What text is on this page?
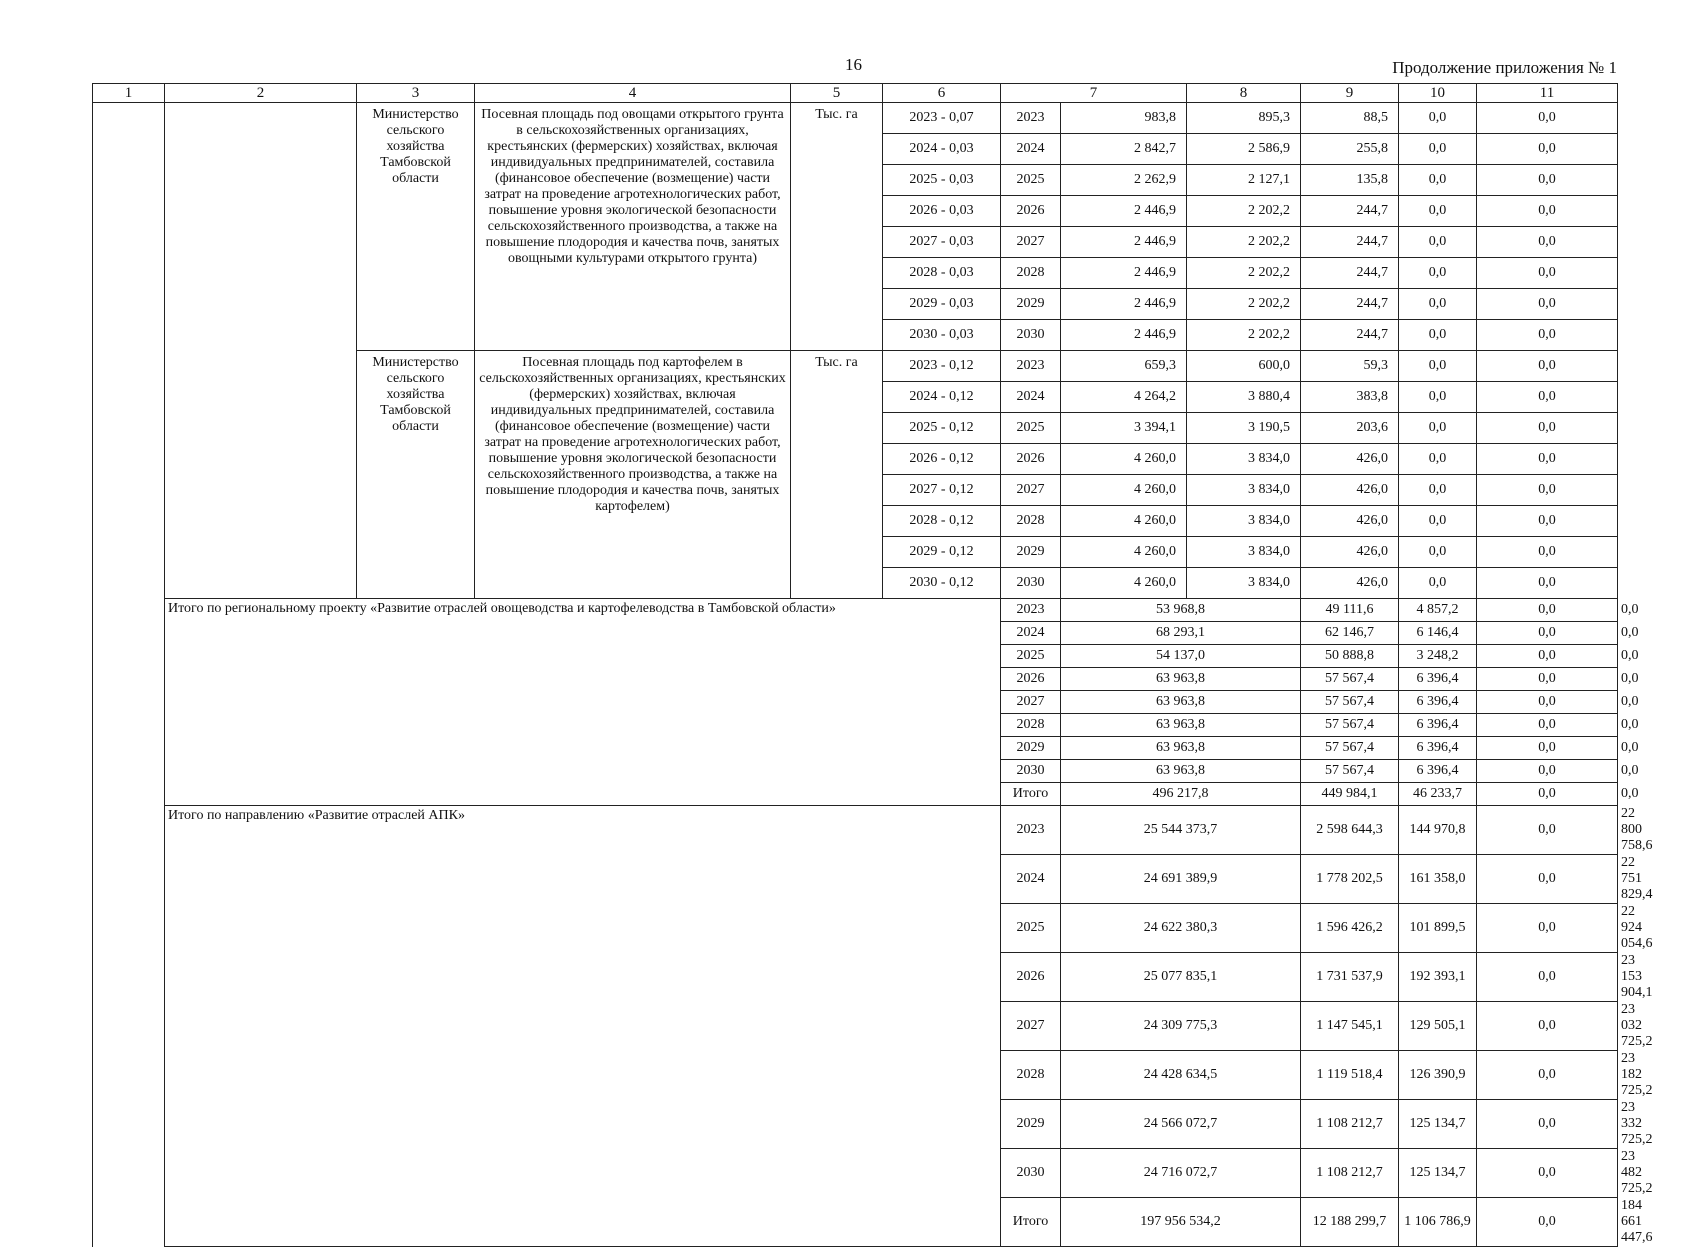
16	Продолжение приложения № 1
1	2	3	4	5	6	7		8	9	10	11	
		Министерство сельского хозяйства Тамбовской области	Посевная площадь под овощами открытого грунта в сельскохозяйственных организациях, крестьянских (фермерских) хозяйствах, включая индивидуальных предпринимателей, составила (финансовое обеспечение (возмещение) части затрат на проведение агротехнологических работ, повышение уровня экологической безопасности сельскохозяйственного производства, а также на повышение плодородия и качества почв, занятых овощными культурами открытого грунта)	Тыс. га	2023 - 0,07	2023	983,8	895,3	88,5	0,0	0,0	
					2024 - 0,03	2024	2 842,7	2 586,9	255,8	0,0	0,0	
					2025 - 0,03	2025	2 262,9	2 127,1	135,8	0,0	0,0	
					2026 - 0,03	2026	2 446,9	2 202,2	244,7	0,0	0,0	
					2027 - 0,03	2027	2 446,9	2 202,2	244,7	0,0	0,0	
					2028 - 0,03	2028	2 446,9	2 202,2	244,7	0,0	0,0	
					2029 - 0,03	2029	2 446,9	2 202,2	244,7	0,0	0,0	
					2030 - 0,03	2030	2 446,9	2 202,2	244,7	0,0	0,0	
		Министерство сельского хозяйства Тамбовской области	Посевная площадь под картофелем в сельскохозяйственных организациях, крестьянских (фермерских) хозяйствах, включая индивидуальных предпринимателей, составила (финансовое обеспечение (возмещение) части затрат на проведение агротехнологических работ, повышение уровня экологической безопасности сельскохозяйственного производства, а также на повышение плодородия и качества почв, занятых картофелем)	Тыс. га	2023 - 0,12	2023	659,3	600,0	59,3	0,0	0,0	
					2024 - 0,12	2024	4 264,2	3 880,4	383,8	0,0	0,0	
					2025 - 0,12	2025	3 394,1	3 190,5	203,6	0,0	0,0	
					2026 - 0,12	2026	4 260,0	3 834,0	426,0	0,0	0,0	
					2027 - 0,12	2027	4 260,0	3 834,0	426,0	0,0	0,0	
					2028 - 0,12	2028	4 260,0	3 834,0	426,0	0,0	0,0	
					2029 - 0,12	2029	4 260,0	3 834,0	426,0	0,0	0,0	
					2030 - 0,12	2030	4 260,0	3 834,0	426,0	0,0	0,0	
	Итого по региональному проекту «Развитие отраслей овощеводства и картофелеводства в Тамбовской области»					2023	53 968,8		49 111,6	4 857,2	0,0	0,0
						2024	68 293,1		62 146,7	6 146,4	0,0	0,0
						2025	54 137,0		50 888,8	3 248,2	0,0	0,0
						2026	63 963,8		57 567,4	6 396,4	0,0	0,0
						2027	63 963,8		57 567,4	6 396,4	0,0	0,0
						2028	63 963,8		57 567,4	6 396,4	0,0	0,0
						2029	63 963,8		57 567,4	6 396,4	0,0	0,0
						2030	63 963,8		57 567,4	6 396,4	0,0	0,0
						Итого	496 217,8		449 984,1	46 233,7	0,0	0,0
	Итого по направлению «Развитие отраслей АПК»					2023	25 544 373,7		2 598 644,3	144 970,8	0,0	22 800 758,6
						2024	24 691 389,9		1 778 202,5	161 358,0	0,0	22 751 829,4
						2025	24 622 380,3		1 596 426,2	101 899,5	0,0	22 924 054,6
						2026	25 077 835,1		1 731 537,9	192 393,1	0,0	23 153 904,1
						2027	24 309 775,3		1 147 545,1	129 505,1	0,0	23 032 725,2
						2028	24 428 634,5		1 119 518,4	126 390,9	0,0	23 182 725,2
						2029	24 566 072,7		1 108 212,7	125 134,7	0,0	23 332 725,2
						2030	24 716 072,7		1 108 212,7	125 134,7	0,0	23 482 725,2
						Итого	197 956 534,2		12 188 299,7	1 106 786,9	0,0	184 661 447,6
